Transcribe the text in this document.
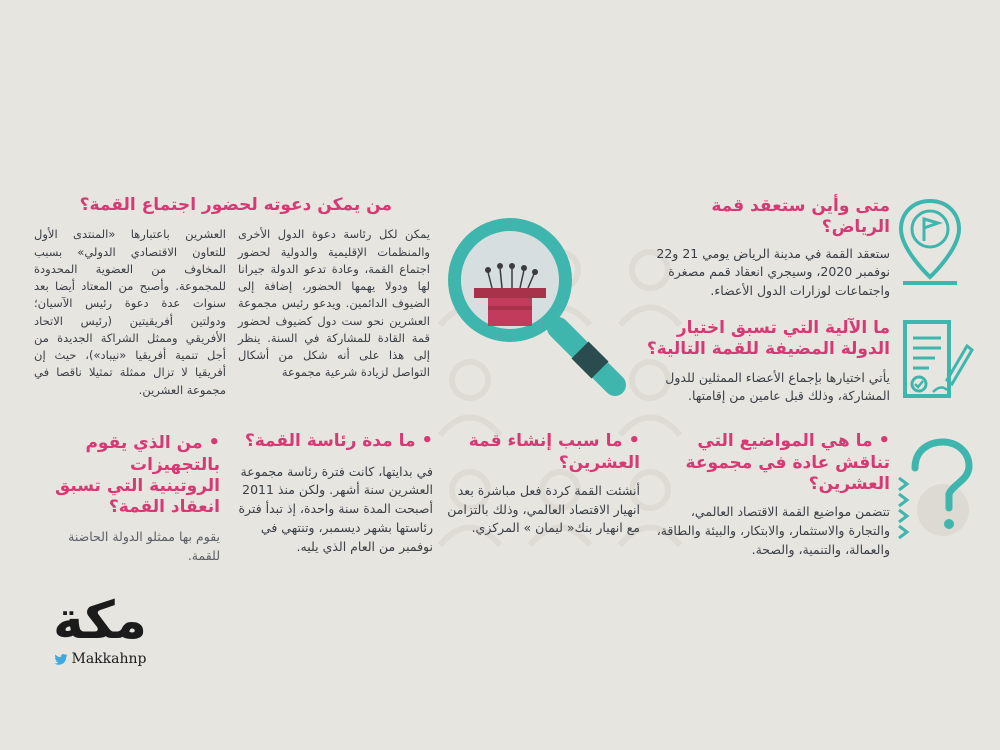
متى وأين ستعقد قمة الرياض؟
ستعقد القمة في مدينة الرياض يومي 21 و22 نوفمبر 2020، وسيجري انعقاد قمم مصغرة واجتماعات لوزارات الدول الأعضاء.
ما الآلية التي تسبق اختيار الدولة المضيفة للقمة التالية؟
يأتي اختيارها بإجماع الأعضاء الممثلين للدول المشاركة، وذلك قبل عامين من إقامتها.
•ما هي المواضيع التي تناقش عادة في مجموعة العشرين؟
تتضمن مواضيع القمة الاقتصاد العالمي، والتجارة والاستثمار، والابتكار، والبيئة والطاقة، والعمالة، والتنمية، والصحة.
•ما سبب إنشاء قمة العشرين؟
أنشئت القمة كردة فعل مباشرة بعد انهيار الاقتصاد العالمي، وذلك بالتزامن مع انهيار بنك« ليمان » المركزي.
•ما مدة رئاسة القمة؟
في بدايتها، كانت فترة رئاسة مجموعة العشرين سنة أشهر. ولكن منذ 2011 أصبحت المدة سنة واحدة، إذ تبدأ فترة رئاستها بشهر ديسمبر، وتنتهي في نوفمبر من العام الذي يليه.
•من الذي يقوم بالتجهيزات الروتينية التي تسبق انعقاد القمة؟
يقوم بها ممثلو الدولة الحاضنة للقمة.
من يمكن دعوته لحضور اجتماع القمة؟
يمكن لكل رئاسة دعوة الدول الأخرى والمنظمات الإقليمية والدولية لحضور اجتماع القمة، وعادة تدعو الدولة جيرانا لها ودولا يهمها الحضور، إضافة إلى الضيوف الدائمين. ويدعو رئيس مجموعة العشرين نحو ست دول كضيوف لحضور قمة القادة للمشاركة في السنة. ينظر إلى هذا على أنه شكل من أشكال التواصل لزيادة شرعية مجموعة
العشرين باعتبارها «المنتدى الأول للتعاون الاقتصادي الدولي» بسبب المخاوف من العضوية المحدودة للمجموعة. وأصبح من المعتاد أيضا بعد سنوات عدة دعوة رئيس الآسيان؛ ودولتين أفريقيتين (رئيس الاتحاد الأفريقي وممثل الشراكة الجديدة من أجل تنمية أفريقيا «نيباد»)، حيث إن أفريقيا لا تزال ممثلة تمثيلا ناقصا في مجموعة العشرين.
مكة
Makkahnp
